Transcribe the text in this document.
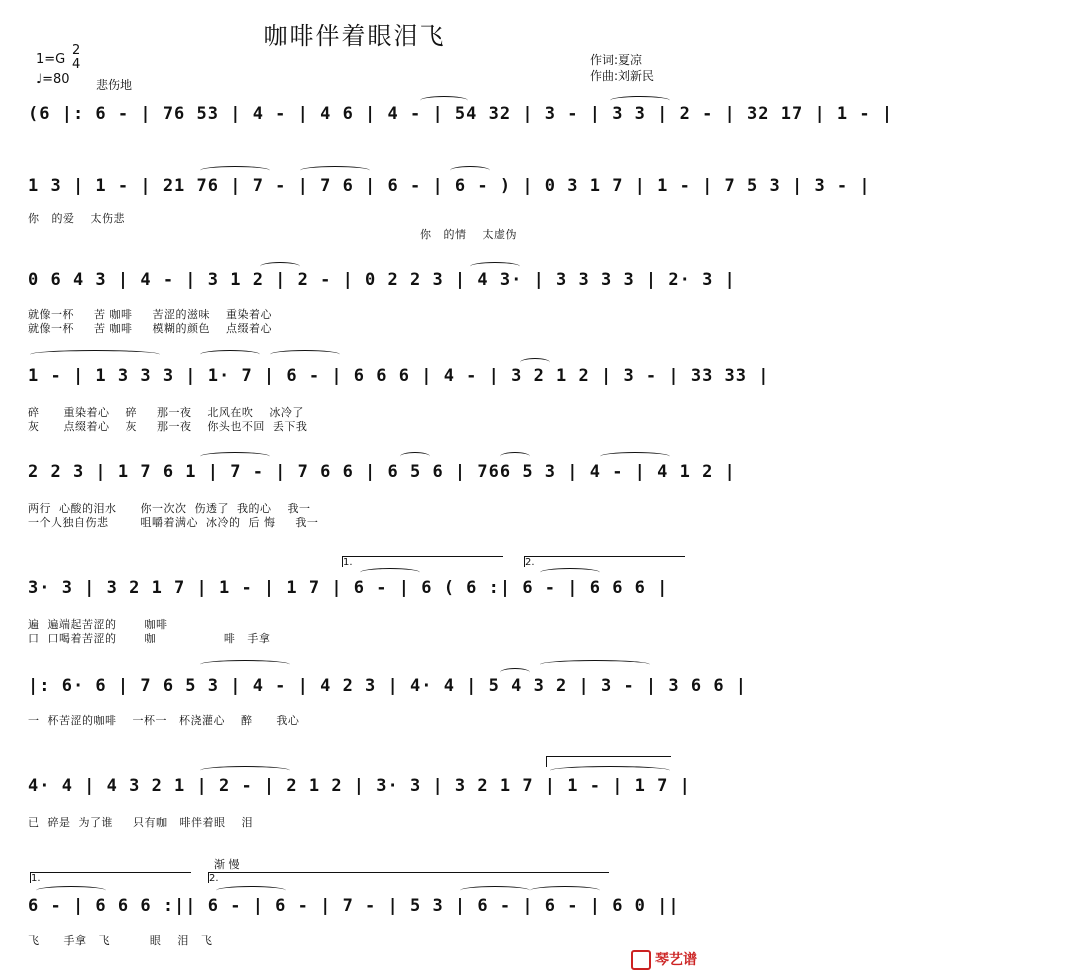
咖啡伴着眼泪飞
1=G
2
4
♩=80 悲伤地
作词:夏凉
作曲:刘新民
(6 |: 6 - | 76 53 | 4 - | 4 6 | 4 - | 54 32 | 3 - | 3 3 | 2 - | 32 17 | 1 - |
1 3 | 1 - | 21 76 | 7 - | 7 6 | 6 - | 6 - ) | 0 3 1 7 | 1 - | 7 5 3 | 3 - |
你   的爱    太伤悲
你   的情    太虚伪
0 6 4 3 | 4 - | 3 1 2 | 2 - | 0 2 2 3 | 4 3· | 3 3 3 3 | 2· 3 |
就像一杯     苦 咖啡     苦涩的滋味    重染着心
就像一杯     苦 咖啡     模糊的颜色    点缀着心
1 - | 1 3 3 3 | 1· 7 | 6 - | 6 6 6 | 4 - | 3 2 1 2 | 3 - | 33 33 |
碎      重染着心    碎     那一夜    北风在吹    冰冷了
灰      点缀着心    灰     那一夜    你头也不回  丢下我
2 2 3 | 1 7 6 1 | 7 - | 7 6 6 | 6 5 6 | 766 5 3 | 4 - | 4 1 2 |
两行  心酸的泪水      你一次次  伤透了  我的心    我一
一个人独自伤悲        咀嚼着满心  冰冷的  后 悔     我一
1.	2.
3· 3 | 3 2 1 7 | 1 - | 1 7 | 6 - | 6 ( 6 :| 6 - | 6 6 6 |
遍  遍端起苦涩的       咖啡
口  口喝着苦涩的       咖                 啡   手拿
|: 6· 6 | 7 6 5 3 | 4 - | 4 2 3 | 4· 4 | 5 4 3 2 | 3 - | 3 6 6 |
一  杯苦涩的咖啡    一杯一   杯浇灌心    醉      我心
4· 4 | 4 3 2 1 | 2 - | 2 1 2 | 3· 3 | 3 2 1 7 | 1 - | 1 7 |
已  碎是  为了谁     只有咖   啡伴着眼    泪
渐 慢
1.	2.
6 - | 6 6 6 :|| 6 - | 6 - | 7 - | 5 3 | 6 - | 6 - | 6 0 ||
飞      手拿   飞          眼    泪   飞
琴艺谱
